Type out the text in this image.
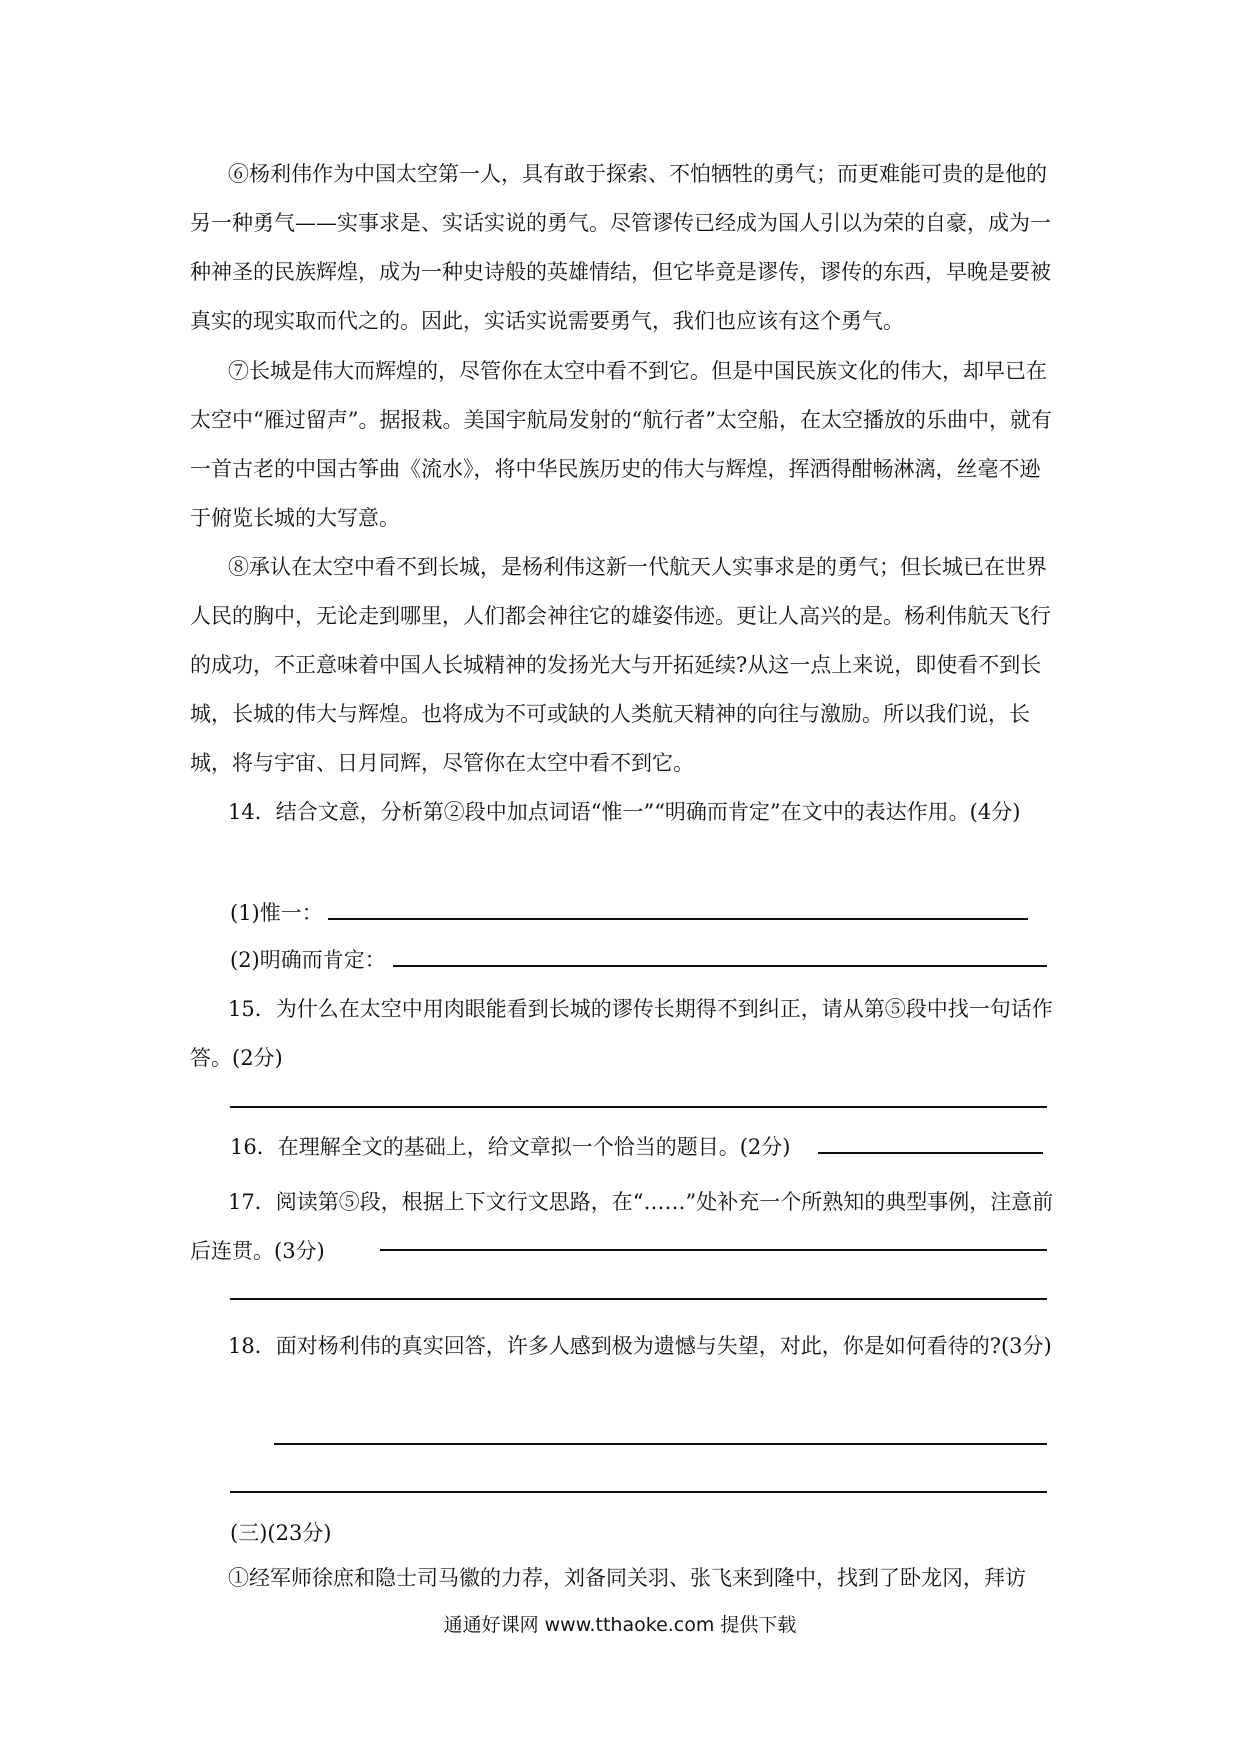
⑥杨利伟作为中国太空第一人，具有敢于探索、不怕牺牲的勇气；而更难能可贵的是他的另一种勇气——实事求是、实话实说的勇气。尽管谬传已经成为国人引以为荣的自豪，成为一种神圣的民族辉煌，成为一种史诗般的英雄情结，但它毕竟是谬传，谬传的东西，早晚是要被真实的现实取而代之的。因此，实话实说需要勇气，我们也应该有这个勇气。

⑦长城是伟大而辉煌的，尽管你在太空中看不到它。但是中国民族文化的伟大，却早已在太空中“雁过留声”。据报栽。美国宇航局发射的“航行者”太空船，在太空播放的乐曲中，就有一首古老的中国古筝曲《流水》，将中华民族历史的伟大与辉煌，挥洒得酣畅淋漓，丝毫不逊于俯览长城的大写意。

⑧承认在太空中看不到长城，是杨利伟这新一代航天人实事求是的勇气；但长城已在世界人民的胸中，无论走到哪里，人们都会神往它的雄姿伟迹。更让人高兴的是。杨利伟航天飞行的成功，不正意味着中国人长城精神的发扬光大与开拓延续?从这一点上来说，即使看不到长城，长城的伟大与辉煌。也将成为不可或缺的人类航天精神的向往与激励。所以我们说，长城，将与宇宙、日月同辉，尽管你在太空中看不到它。

14．结合文意，分析第②段中加点词语“惟一”“明确而肯定”在文中的表达作用。(4分)

(1)惟一：
(2)明确而肯定：

15．为什么在太空中用肉眼能看到长城的谬传长期得不到纠正，请从第⑤段中找一句话作答。(2分)

16．在理解全文的基础上，给文章拟一个恰当的题目。(2分)

17．阅读第⑤段，根据上下文行文思路，在“……”处补充一个所熟知的典型事例，注意前后连贯。(3分)

18．面对杨利伟的真实回答，许多人感到极为遗憾与失望，对此，你是如何看待的?(3分)

(三)(23分)

①经军师徐庶和隐士司马徽的力荐，刘备同关羽、张飞来到隆中，找到了卧龙冈，拜访

通通好课网 www.tthaoke.com 提供下载
